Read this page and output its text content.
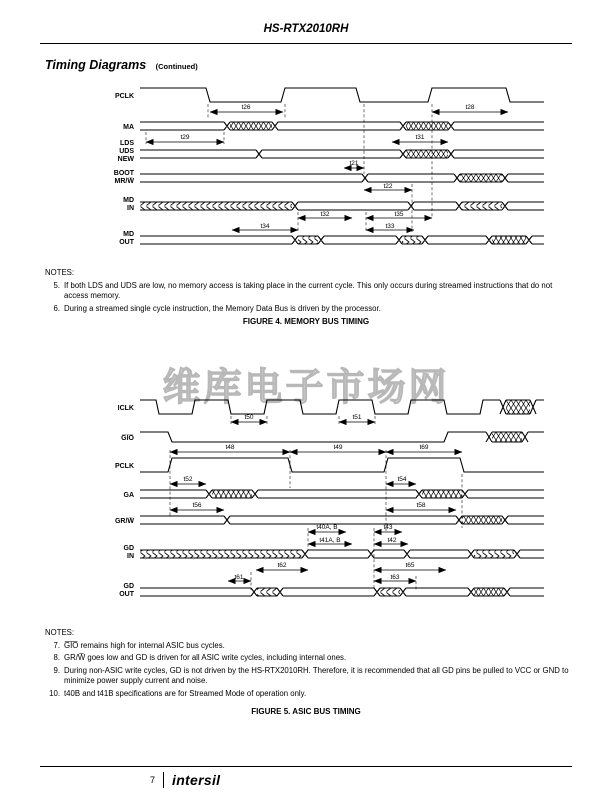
HS-RTX2010RH
Timing Diagrams (Continued)
PCLK
MA
LDS
UDS
NEW
BOOT
MR/W̅
MD
IN
MD
OUT
t26	t28
t29	t31
t21
t22
t32	t35
t34	t33
NOTES:
5. If both LDS and UDS are low, no memory access is taking place in the current cycle. This only occurs during streamed instructions that do not access memory.
6. During a streamed single cycle instruction, the Memory Data Bus is driven by the processor.
FIGURE 4. MEMORY BUS TIMING
维库电子市场网
ICLK
G̅I̅O̅
PCLK
GA
GR/W̅
GD
IN
GD
OUT
t50	t51
t48	t49	t69
t52	t54
t56	t58
t40A, B
t41A, B
t43
t42
t62	t65
t61	t63
NOTES:
7. G̅I̅O̅ remains high for internal ASIC bus cycles.
8. GR/W̅ goes low and GD is driven for all ASIC write cycles, including internal ones.
9. During non-ASIC write cycles, GD is not driven by the HS-RTX2010RH. Therefore, it is recommended that all GD pins be pulled to VCC or GND to minimize power supply current and noise.
10. t40B and t41B specifications are for Streamed Mode of operation only.
FIGURE 5. ASIC BUS TIMING
7 intersil
